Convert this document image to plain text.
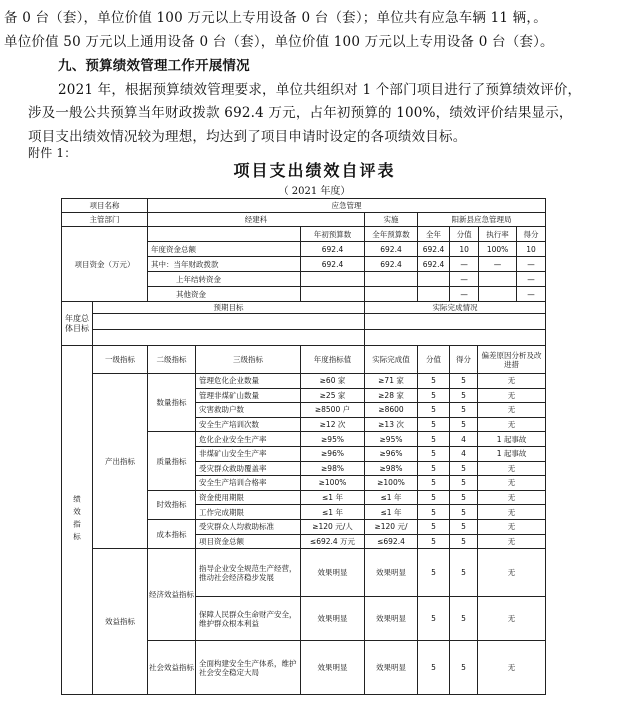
备 0 台（套），单位价值 100 万元以上专用设备 0 台（套）；单位共有应急车辆 11 辆，。
单位价值 50 万元以上通用设备 0 台（套），单位价值 100 万元以上专用设备 0 台（套）。
九、预算绩效管理工作开展情况
2021 年，根据预算绩效管理要求，单位共组织对 1 个部门项目进行了预算绩效评价，
涉及一般公共预算当年财政拨款 692.4 万元，占年初预算的 100%，绩效评价结果显示，
项目支出绩效情况较为理想，均达到了项目申请时设定的各项绩效目标。
附件 1：
项目支出绩效自评表
（ 2021 年度）
项目名称		应急管理						
主管部门		经建科			实施	阳新县应急管理局		
项目资金（万元）				年初预算数	全年预算数	全年	分值 执行率 得分	

		年度资金总额		692.4	692.4	692.4	10 100% 10	

		其中：当年财政拨款		692.4	692.4	692.4	— — —	

		上年结转资金					— —	

		其他资金					— —	

年度总体目标	预期目标				实际完成情况			

绩效指标	一级指标	二级指标	三级指标	年度指标值	实际完成值	分值	得分	偏差原因分析及改进措
	产出指标	数量指标	管理危化企业数量	≥60 家	≥71 家	5	5	无
			管理非煤矿山数量	≥25 家	≥28 家	5	5	无
			灾害救助户数	≥8500 户	≥8600	5	5	无
			安全生产培训次数	≥12 次	≥13 次	5	5	无
		质量指标	危化企业安全生产率	≥95%	≥95%	5	4	1 起事故
			非煤矿山安全生产率	≥96%	≥96%	5	4	1 起事故
			受灾群众救助覆盖率	≥98%	≥98%	5	5	无
			安全生产培训合格率	≥100%	≥100%	5	5	无
		时效指标	资金使用期限	≤1 年	≤1 年	5	5	无
			工作完成期限	≤1 年	≤1 年	5	5	无
		成本指标	受灾群众人均救助标准	≥120 元/人	≥120 元/	5	5	无
			项目资金总额	≤692.4 万元	≤692.4	5	5	无
	效益指标	经济效益指标	指导企业安全规范生产经营，推动社会经济稳步发展	效果明显	效果明显	5	5	无
			保障人民群众生命财产安全，维护群众根本利益	效果明显	效果明显	5	5	无
		社会效益指标	全面构建安全生产体系，维护社会安全稳定大局	效果明显	效果明显	5	5	无
